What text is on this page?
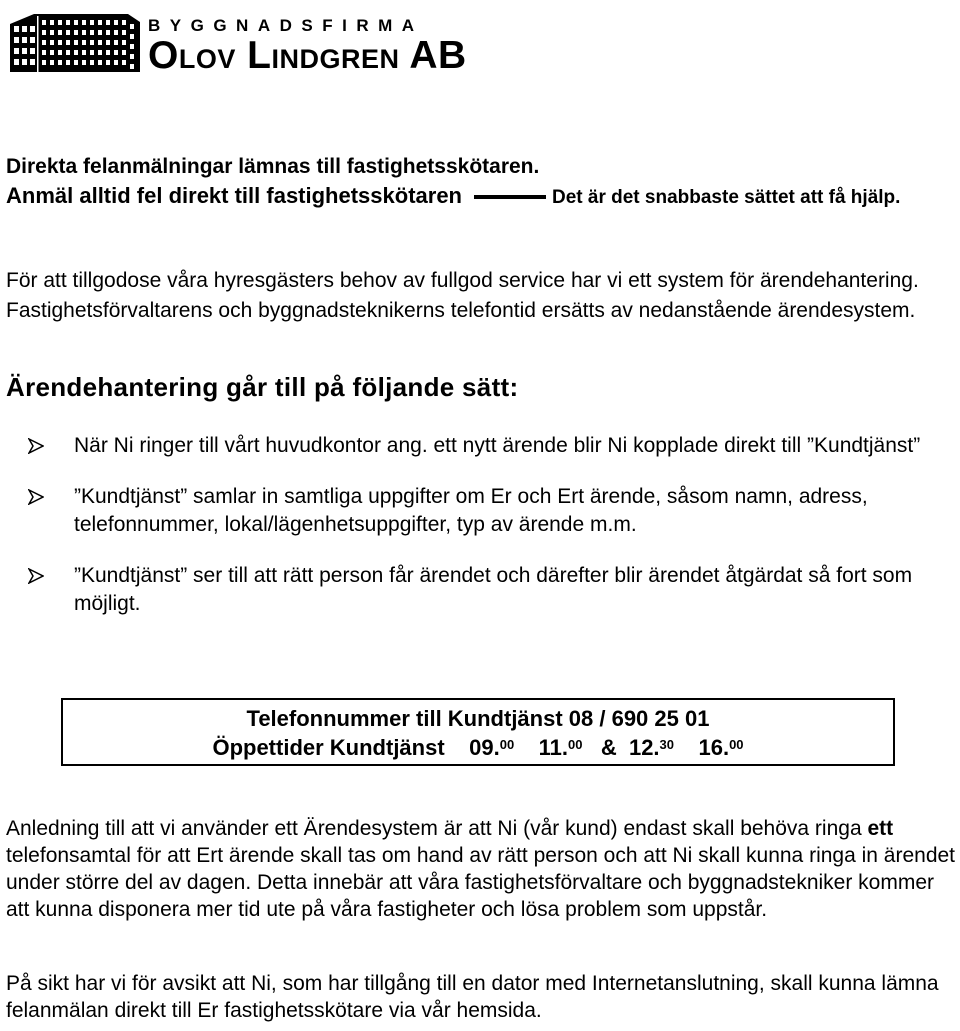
BYGGNADSFIRMA
Olov Lindgren AB
Direkta felanmälningar lämnas till fastighetsskötaren.
Anmäl alltid fel direkt till fastighetsskötaren	Det är det snabbaste sättet att få hjälp.
För att tillgodose våra hyresgästers behov av fullgod service har vi ett system för ärendehantering. Fastighetsförvaltarens och byggnadsteknikerns telefontid ersätts av nedanstående ärendesystem.
Ärendehantering går till på följande sätt:
När Ni ringer till vårt huvudkontor ang. ett nytt ärende blir Ni kopplade direkt till ”Kundtjänst”
”Kundtjänst” samlar in samtliga uppgifter om Er och Ert ärende, såsom namn, adress, telefonnummer, lokal/lägenhetsuppgifter, typ av ärende m.m.
”Kundtjänst” ser till att rätt person får ärendet och därefter blir ärendet åtgärdat så fort som möjligt.
Telefonnummer till Kundtjänst 08 / 690 25 01
Öppettider Kundtjänst 09.00 11.00 & 12.30 16.00
Anledning till att vi använder ett Ärendesystem är att Ni (vår kund) endast skall behöva ringa ett telefonsamtal för att Ert ärende skall tas om hand av rätt person och att Ni skall kunna ringa in ärendet under större del av dagen. Detta innebär att våra fastighetsförvaltare och byggnadstekniker kommer att kunna disponera mer tid ute på våra fastigheter och lösa problem som uppstår.
På sikt har vi för avsikt att Ni, som har tillgång till en dator med Internetanslutning, skall kunna lämna felanmälan direkt till Er fastighetsskötare via vår hemsida.
